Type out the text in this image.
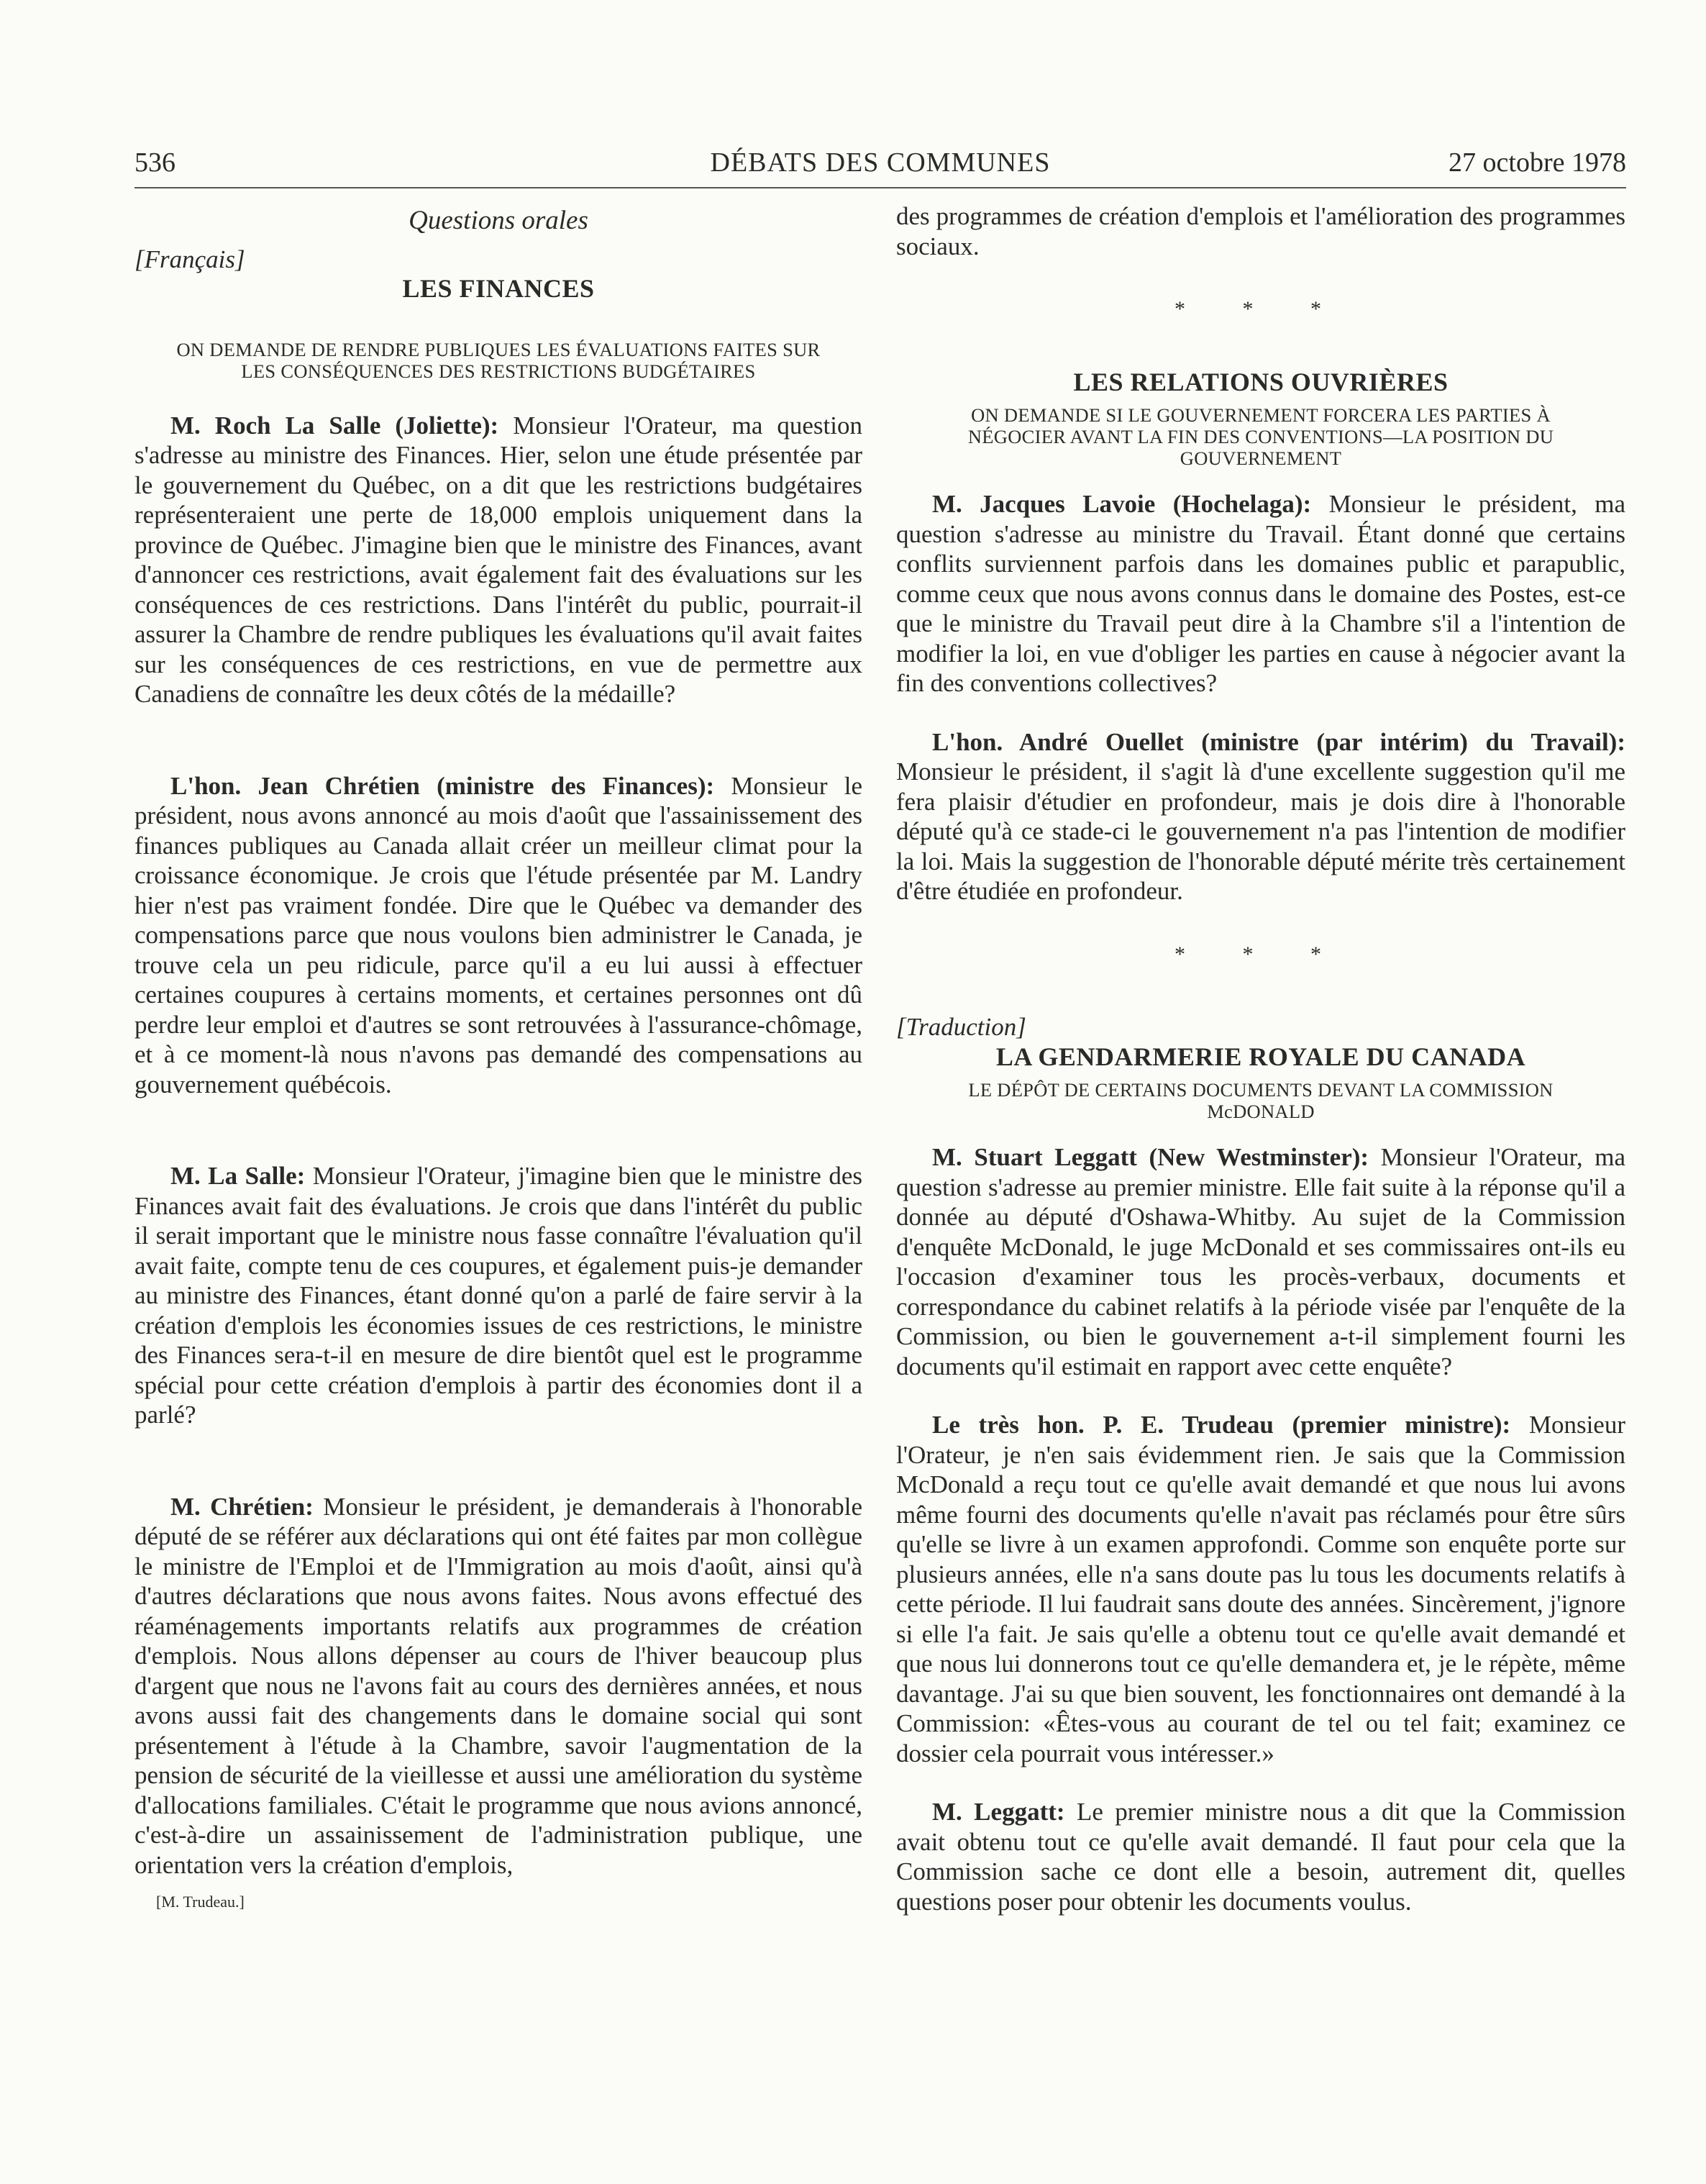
536	DÉBATS DES COMMUNES	27 octobre 1978
Questions orales
[Français]
LES FINANCES
ON DEMANDE DE RENDRE PUBLIQUES LES ÉVALUATIONS FAITES SUR LES CONSÉQUENCES DES RESTRICTIONS BUDGÉTAIRES

M. Roch La Salle (Joliette): Monsieur l'Orateur, ma question s'adresse au ministre des Finances. Hier, selon une étude présentée par le gouvernement du Québec, on a dit que les restrictions budgétaires représenteraient une perte de 18,000 emplois uniquement dans la province de Québec. J'imagine bien que le ministre des Finances, avant d'annoncer ces restrictions, avait également fait des évaluations sur les conséquences de ces restrictions. Dans l'intérêt du public, pourrait-il assurer la Chambre de rendre publiques les évaluations qu'il avait faites sur les conséquences de ces restrictions, en vue de permettre aux Canadiens de connaître les deux côtés de la médaille?

L'hon. Jean Chrétien (ministre des Finances): Monsieur le président, nous avons annoncé au mois d'août que l'assainissement des finances publiques au Canada allait créer un meilleur climat pour la croissance économique. Je crois que l'étude présentée par M. Landry hier n'est pas vraiment fondée. Dire que le Québec va demander des compensations parce que nous voulons bien administrer le Canada, je trouve cela un peu ridicule, parce qu'il a eu lui aussi à effectuer certaines coupures à certains moments, et certaines personnes ont dû perdre leur emploi et d'autres se sont retrouvées à l'assurance-chômage, et à ce moment-là nous n'avons pas demandé des compensations au gouvernement québécois.

M. La Salle: Monsieur l'Orateur, j'imagine bien que le ministre des Finances avait fait des évaluations. Je crois que dans l'intérêt du public il serait important que le ministre nous fasse connaître l'évaluation qu'il avait faite, compte tenu de ces coupures, et également puis-je demander au ministre des Finances, étant donné qu'on a parlé de faire servir à la création d'emplois les économies issues de ces restrictions, le ministre des Finances sera-t-il en mesure de dire bientôt quel est le programme spécial pour cette création d'emplois à partir des économies dont il a parlé?

M. Chrétien: Monsieur le président, je demanderais à l'honorable député de se référer aux déclarations qui ont été faites par mon collègue le ministre de l'Emploi et de l'Immigration au mois d'août, ainsi qu'à d'autres déclarations que nous avons faites. Nous avons effectué des réaménagements importants relatifs aux programmes de création d'emplois. Nous allons dépenser au cours de l'hiver beaucoup plus d'argent que nous ne l'avons fait au cours des dernières années, et nous avons aussi fait des changements dans le domaine social qui sont présentement à l'étude à la Chambre, savoir l'augmentation de la pension de sécurité de la vieillesse et aussi une amélioration du système d'allocations familiales. C'était le programme que nous avions annoncé, c'est-à-dire un assainissement de l'administration publique, une orientation vers la création d'emplois,

[M. Trudeau.]
des programmes de création d'emplois et l'amélioration des programmes sociaux.
* * *
LES RELATIONS OUVRIÈRES
ON DEMANDE SI LE GOUVERNEMENT FORCERA LES PARTIES À NÉGOCIER AVANT LA FIN DES CONVENTIONS—LA POSITION DU GOUVERNEMENT

M. Jacques Lavoie (Hochelaga): Monsieur le président, ma question s'adresse au ministre du Travail. Étant donné que certains conflits surviennent parfois dans les domaines public et parapublic, comme ceux que nous avons connus dans le domaine des Postes, est-ce que le ministre du Travail peut dire à la Chambre s'il a l'intention de modifier la loi, en vue d'obliger les parties en cause à négocier avant la fin des conventions collectives?

L'hon. André Ouellet (ministre (par intérim) du Travail): Monsieur le président, il s'agit là d'une excellente suggestion qu'il me fera plaisir d'étudier en profondeur, mais je dois dire à l'honorable député qu'à ce stade-ci le gouvernement n'a pas l'intention de modifier la loi. Mais la suggestion de l'honorable député mérite très certainement d'être étudiée en profondeur.

* * *
[Traduction]
LA GENDARMERIE ROYALE DU CANADA
LE DÉPÔT DE CERTAINS DOCUMENTS DEVANT LA COMMISSION McDONALD

M. Stuart Leggatt (New Westminster): Monsieur l'Orateur, ma question s'adresse au premier ministre. Elle fait suite à la réponse qu'il a donnée au député d'Oshawa-Whitby. Au sujet de la Commission d'enquête McDonald, le juge McDonald et ses commissaires ont-ils eu l'occasion d'examiner tous les procès-verbaux, documents et correspondance du cabinet relatifs à la période visée par l'enquête de la Commission, ou bien le gouvernement a-t-il simplement fourni les documents qu'il estimait en rapport avec cette enquête?

Le très hon. P. E. Trudeau (premier ministre): Monsieur l'Orateur, je n'en sais évidemment rien. Je sais que la Commission McDonald a reçu tout ce qu'elle avait demandé et que nous lui avons même fourni des documents qu'elle n'avait pas réclamés pour être sûrs qu'elle se livre à un examen approfondi. Comme son enquête porte sur plusieurs années, elle n'a sans doute pas lu tous les documents relatifs à cette période. Il lui faudrait sans doute des années. Sincèrement, j'ignore si elle l'a fait. Je sais qu'elle a obtenu tout ce qu'elle avait demandé et que nous lui donnerons tout ce qu'elle demandera et, je le répète, même davantage. J'ai su que bien souvent, les fonctionnaires ont demandé à la Commission: «Êtes-vous au courant de tel ou tel fait; examinez ce dossier cela pourrait vous intéresser.»

M. Leggatt: Le premier ministre nous a dit que la Commission avait obtenu tout ce qu'elle avait demandé. Il faut pour cela que la Commission sache ce dont elle a besoin, autrement dit, quelles questions poser pour obtenir les documents voulus.
